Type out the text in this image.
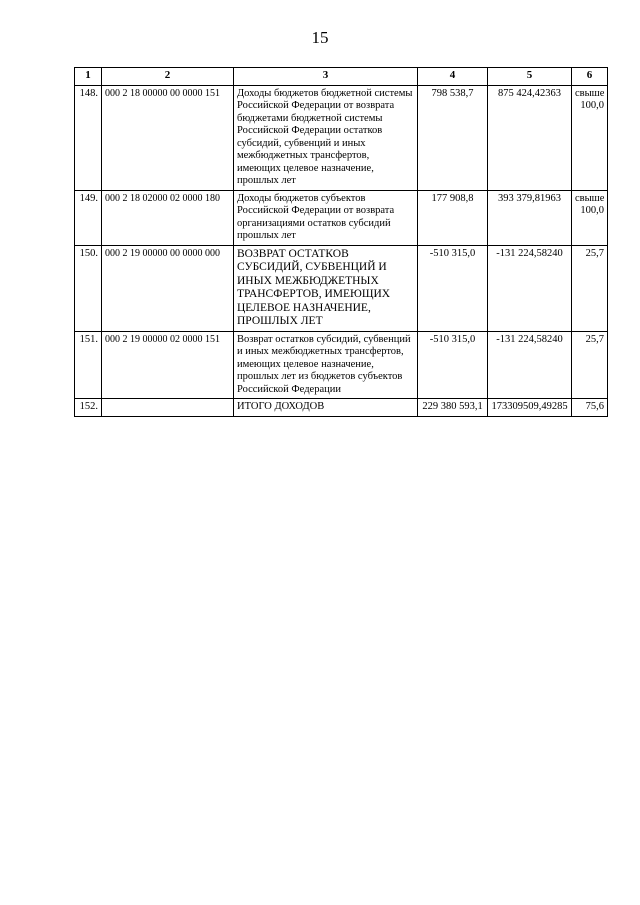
15
1	2	3	4	5	6
148.	000 2 18 00000 00 0000 151	Доходы бюджетов бюджетной системы Российской Федерации от возврата бюджетами бюджетной системы Российской Федерации остатков субсидий, субвенций и иных межбюджетных трансфертов, имеющих целевое назначение, прошлых лет	798 538,7	875 424,42363	свыше 100,0
149.	000 2 18 02000 02 0000 180	Доходы бюджетов субъектов Российской Федерации от возврата организациями остатков субсидий прошлых лет	177 908,8	393 379,81963	свыше 100,0
150.	000 2 19 00000 00 0000 000	ВОЗВРАТ ОСТАТКОВ СУБСИДИЙ, СУБВЕНЦИЙ И ИНЫХ МЕЖБЮДЖЕТНЫХ ТРАНСФЕРТОВ, ИМЕЮЩИХ ЦЕЛЕВОЕ НАЗНАЧЕНИЕ, ПРОШЛЫХ ЛЕТ	-510 315,0	-131 224,58240	25,7
151.	000 2 19 00000 02 0000 151	Возврат остатков субсидий, субвенций и иных межбюджетных трансфертов, имеющих целевое назначение, прошлых лет из бюджетов субъектов Российской Федерации	-510 315,0	-131 224,58240	25,7
152.		ИТОГО ДОХОДОВ	229 380 593,1	173309509,49285	75,6
